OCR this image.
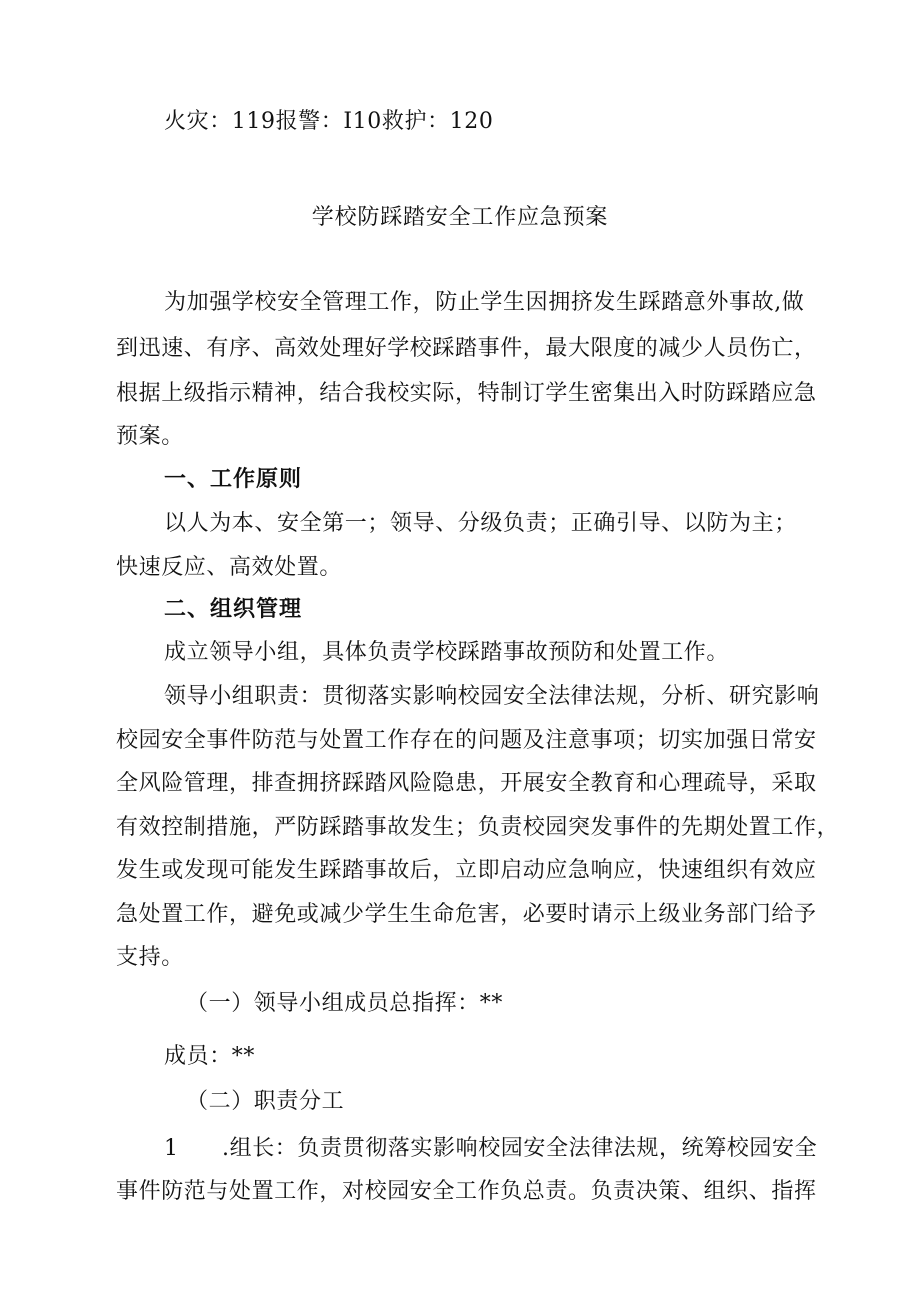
火灾：119报警：I10救护：120
学校防踩踏安全工作应急预案
为加强学校安全管理工作，防止学生因拥挤发生踩踏意外事故,做
到迅速、有序、高效处理好学校踩踏事件，最大限度的减少人员伤亡，
根据上级指示精神，结合我校实际，特制订学生密集出入时防踩踏应急
预案。
一、工作原则
以人为本、安全第一；领导、分级负责；正确引导、以防为主；
快速反应、高效处置。
二、组织管理
成立领导小组，具体负责学校踩踏事故预防和处置工作。
领导小组职责：贯彻落实影响校园安全法律法规，分析、研究影响
校园安全事件防范与处置工作存在的问题及注意事项；切实加强日常安
全风险管理，排查拥挤踩踏风险隐患，开展安全教育和心理疏导，采取
有效控制措施，严防踩踏事故发生；负责校园突发事件的先期处置工作，
发生或发现可能发生踩踏事故后，立即启动应急响应，快速组织有效应
急处置工作，避免或减少学生生命危害，必要时请示上级业务部门给予
支持。
（一）领导小组成员总指挥：**
成员：**
（二）职责分工
1 .组长：负责贯彻落实影响校园安全法律法规，统筹校园安全
事件防范与处置工作，对校园安全工作负总责。负责决策、组织、指挥
